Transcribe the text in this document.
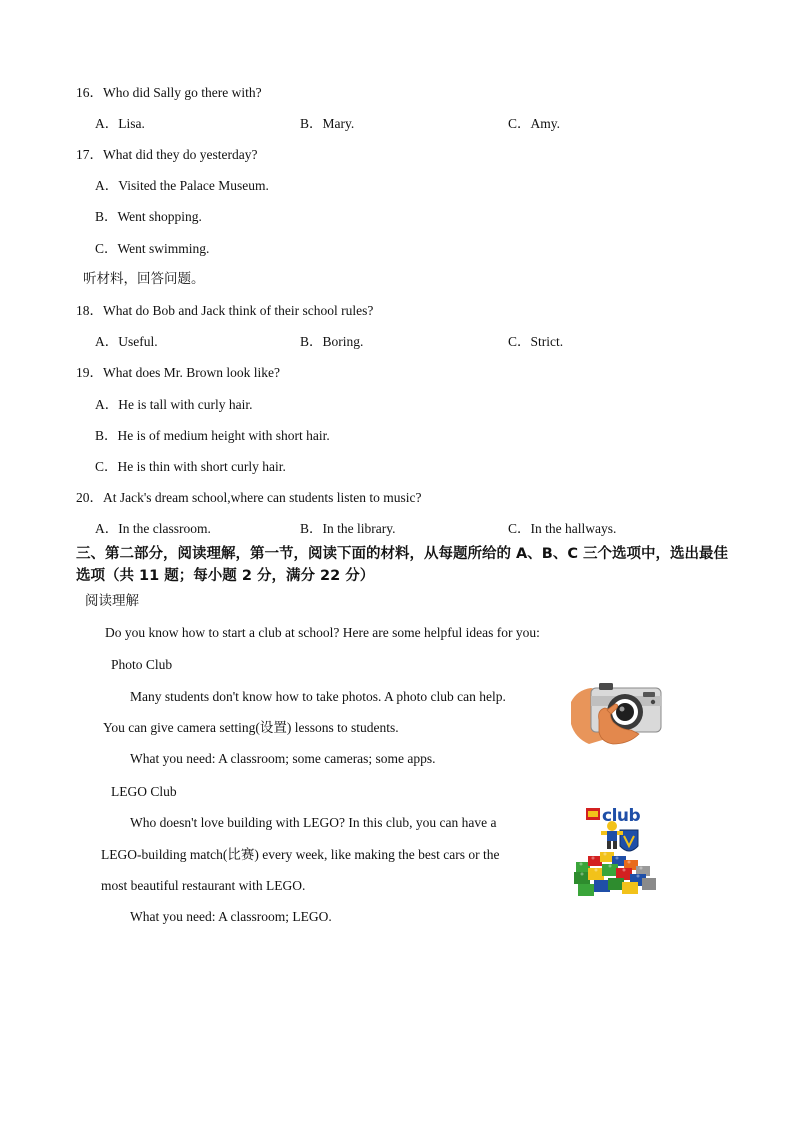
16．Who did Sally go there with?
A．Lisa.	B．Mary.	C．Amy.
17．What did they do yesterday?
A．Visited the Palace Museum.
B．Went shopping.
C．Went swimming.
听材料，回答问题。
18．What do Bob and Jack think of their school rules?
A．Useful.	B．Boring.	C．Strict.
19．What does Mr. Brown look like?
A．He is tall with curly hair.
B．He is of medium height with short hair.
C．He is thin with short curly hair.
20．At Jack's dream school,where can students listen to music?
A．In the classroom.	B．In the library.	C．In the hallways.
三、第二部分，阅读理解，第一节，阅读下面的材料，从每题所给的 A、B、C 三个选项中，选出最佳选项（共 11 题；每小题 2 分，满分 22 分）
阅读理解
Do you know how to start a club at school? Here are some helpful ideas for you:
Photo Club
Many students don't know how to take photos. A photo club can help.
You can give camera setting(设置) lessons to students.
What you need: A classroom; some cameras; some apps.
LEGO Club
Who doesn't love building with LEGO? In this club, you can have a
LEGO-building match(比赛) every week, like making the best cars or the
most beautiful restaurant with LEGO.
What you need: A classroom; LEGO.
club
